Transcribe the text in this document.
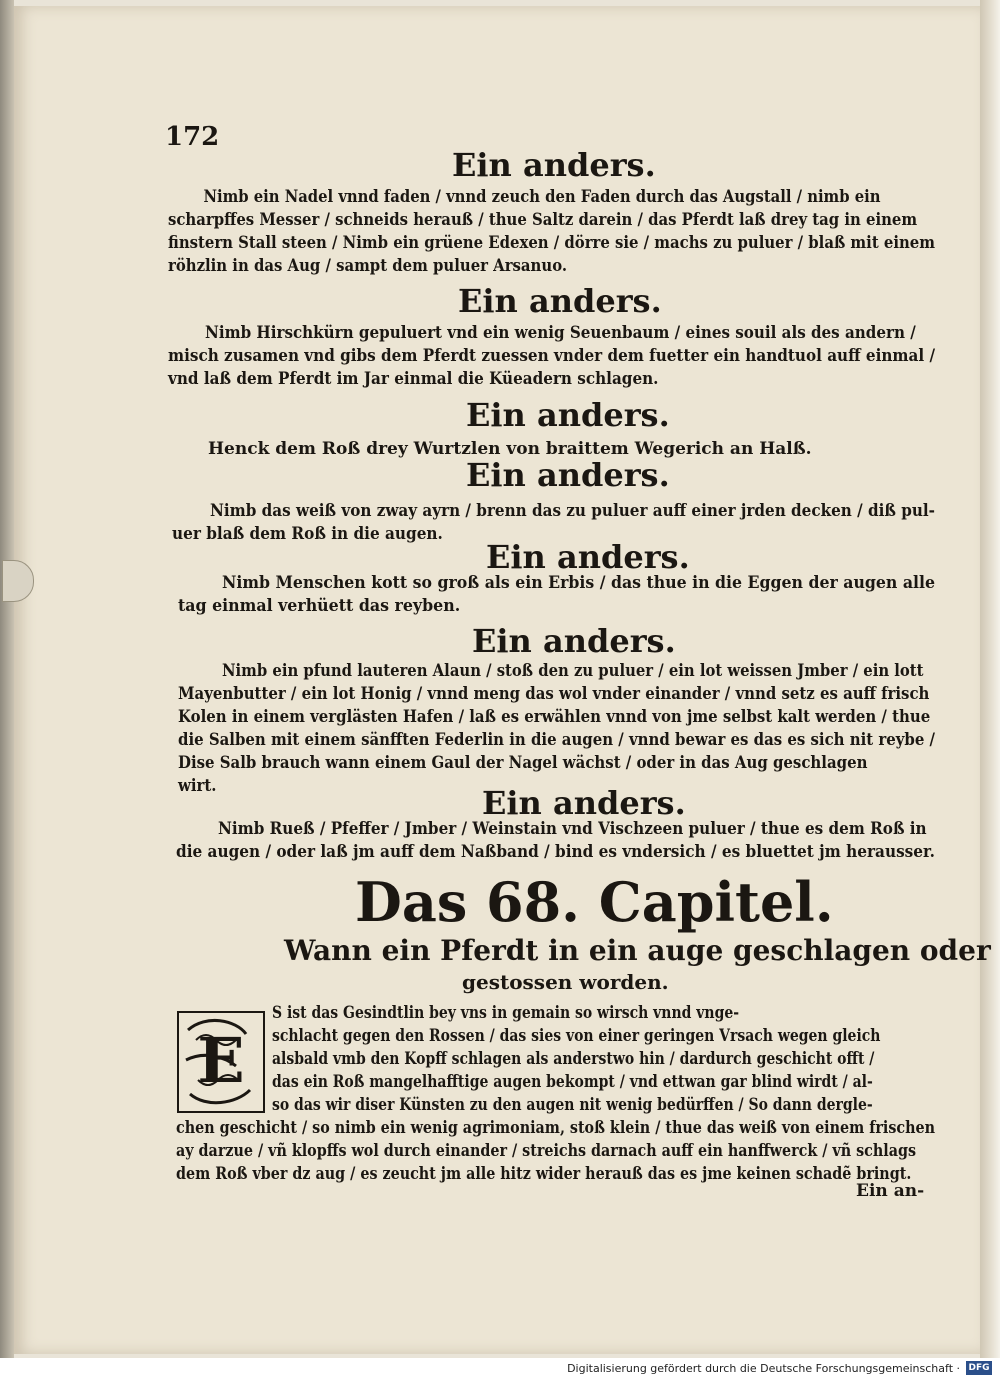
172
Ein anders.
Nimb ein Nadel vnnd faden / vnnd zeuch den Faden durch das Augstall / nimb ein
scharpffes Messer / schneids herauß / thue Saltz darein / das Pferdt laß drey tag in einem
finstern Stall steen / Nimb ein grüene Edexen / dörre sie / machs zu puluer / blaß mit einem
röhzlin in das Aug / sampt dem puluer Arsanuo.
Ein anders.
Nimb Hirschkürn gepuluert vnd ein wenig Seuenbaum / eines souil als des andern /
misch zusamen vnd gibs dem Pferdt zuessen vnder dem fuetter ein handtuol auff einmal /
vnd laß dem Pferdt im Jar einmal die Küeadern schlagen.
Ein anders.
Henck dem Roß drey Wurtzlen von braittem Wegerich an Halß.
Ein anders.
Nimb das weiß von zway ayrn / brenn das zu puluer auff einer jrden decken / diß pul-
uer blaß dem Roß in die augen.
Ein anders.
Nimb Menschen kott so groß als ein Erbis / das thue in die Eggen der augen alle
tag einmal verhüett das reyben.
Ein anders.
Nimb ein pfund lauteren Alaun / stoß den zu puluer / ein lot weissen Jmber / ein lott
Mayenbutter / ein lot Honig / vnnd meng das wol vnder einander / vnnd setz es auff frisch
Kolen in einem verglästen Hafen / laß es erwählen vnnd von jme selbst kalt werden / thue
die Salben mit einem sänfften Federlin in die augen / vnnd bewar es das es sich nit reybe /
Dise Salb brauch wann einem Gaul der Nagel wächst / oder in das Aug geschlagen
wirt.	Ein anders.
Nimb Rueß / Pfeffer / Jmber / Weinstain vnd Vischzeen puluer / thue es dem Roß in
die augen / oder laß jm auff dem Naßband / bind es vndersich / es bluettet jm herausser.
Das 68. Capitel.
Wann ein Pferdt in ein auge geschlagen oder
gestossen worden.
E
S ist das Gesindtlin bey vns in gemain so wirsch vnnd vnge-
schlacht gegen den Rossen / das sies von einer geringen Vrsach wegen gleich
alsbald vmb den Kopff schlagen als anderstwo hin / dardurch geschicht offt /
das ein Roß mangelhafftige augen bekompt / vnd ettwan gar blind wirdt / al-
so das wir diser Künsten zu den augen nit wenig bedürffen / So dann dergle-
chen geschicht / so nimb ein wenig agrimoniam, stoß klein / thue das weiß von einem frischen
ay darzue / vñ klopffs wol durch einander / streichs darnach auff ein hanffwerck / vñ schlags
dem Roß vber dz aug / es zeucht jm alle hitz wider herauß das es jme keinen schadẽ bringt.
Ein an-
Digitalisierung gefördert durch die Deutsche Forschungsgemeinschaft · DFG
